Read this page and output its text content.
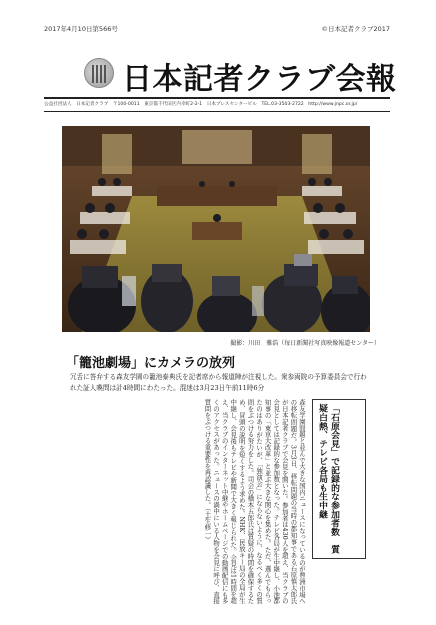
2017年4月10日第566号	©日本記者クラブ2017
日本記者クラブ会報
公益社団法人　日本記者クラブ　〒100-0011　東京都千代田区内幸町2-2-1　日本プレスセンタービル　TEL.03-3503-2722　http://www.jnpc.or.jp/
撮影：川田　雅浩（毎日新聞社写真映像報道センター）
「籠池劇場」にカメラの放列
冗舌に答弁する森友学園の籠池泰典氏を記者席から報道陣が注視した。衆参両院の予算委員会で行われた証人喚問は計4時間にわたった。混迷は3月23日午前11時6分
森友学園問題と並んで大きな国内ニュースになっているのが豊洲市場への移転問題だ。3月3日、移転問題の当時の都知事である石原慎太郎氏が日本記者クラブで会見を開いた。参加者は430人を超え、当クラブの会見としては記録的な参加数となった。テレビ各局が生中継し、小池都知事の「東京大改革」と並ぶ大きな関心を集めた。ただ、選んでもらったのはありがたいが、「独演会」にならないように、なるべく多くの質問をぶつける努力をした。司会の橋本五郎氏は質疑の時間を確保するため、冒頭の説明を短くするよう求めた。NHK、民放キー局の全局が生中継し、会見後もテレビや新聞で大きく報じられた。会見は1時間を超え、当クラブのインターネット中継やホームページでの動画配信にも多くのアクセスがあった。ニュースの渦中にいる人物を会見に呼び、直接質問をぶつける重要性を再認識した。（土生修一）	「石原会見」で記録的な参加者数　質疑白熱、テレビ各局も生中継
